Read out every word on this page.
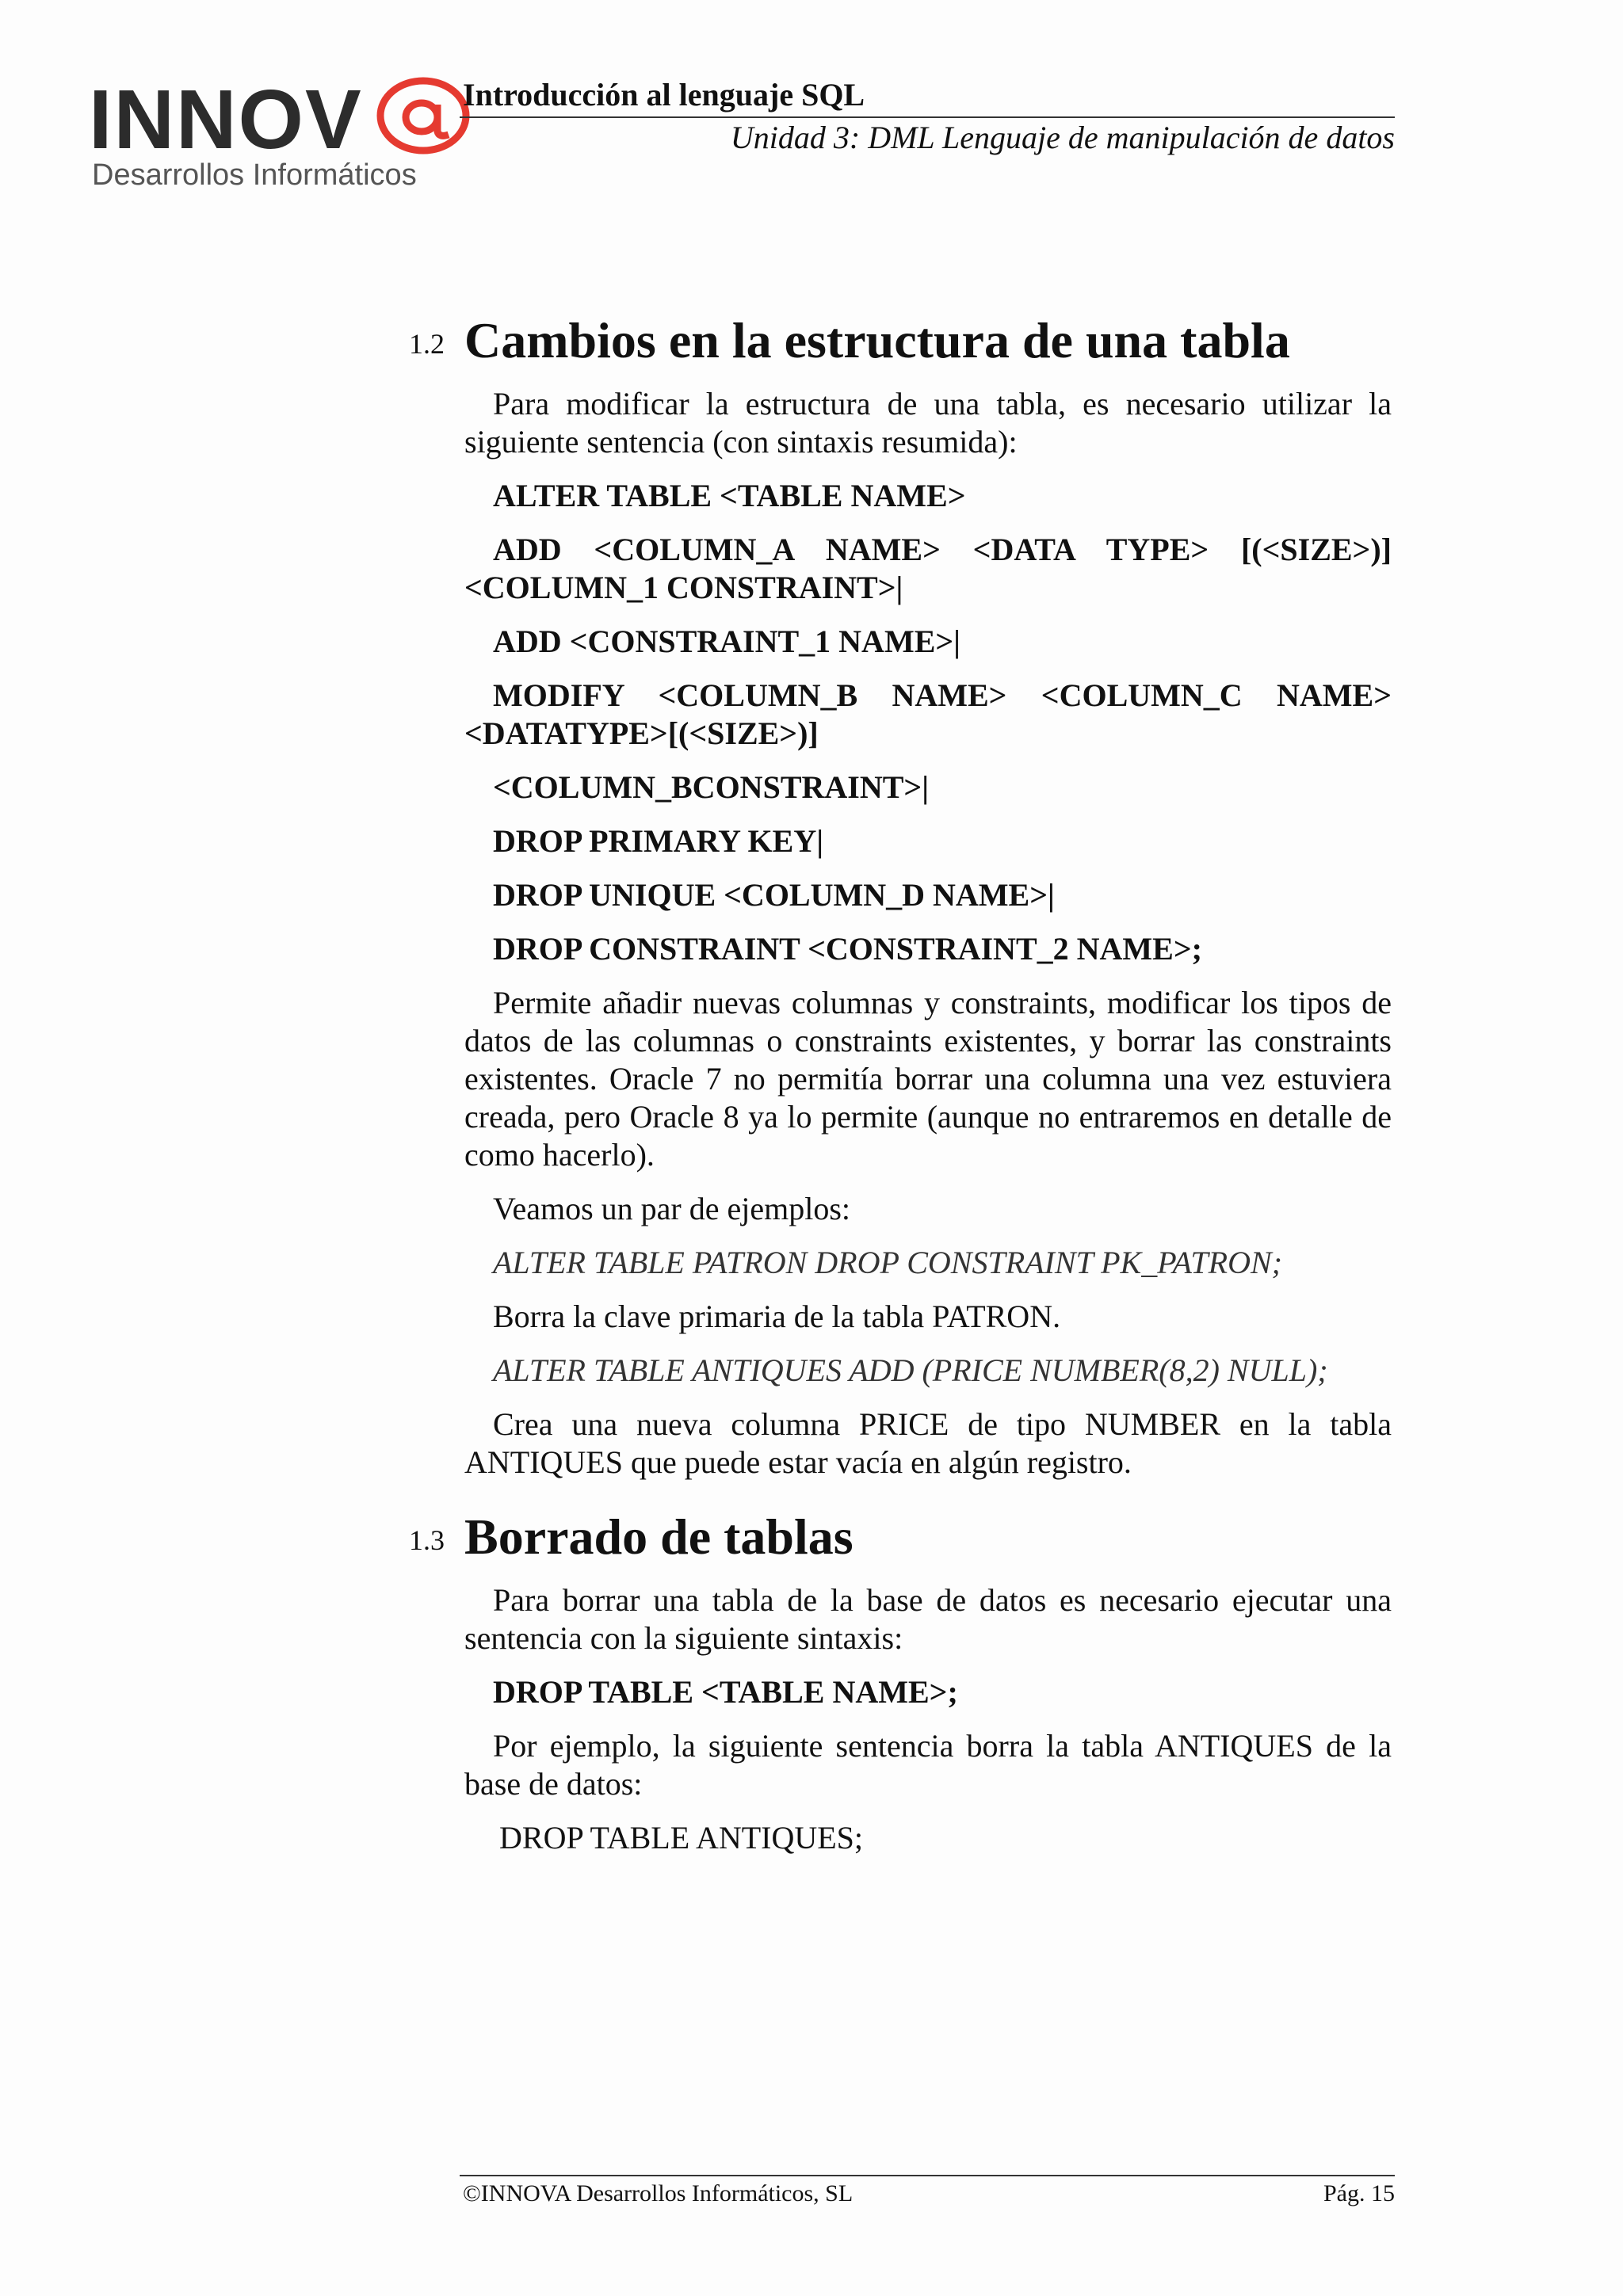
INNOV
Desarrollos Informáticos
Introducción al lenguaje SQL
Unidad 3: DML Lenguaje de manipulación de datos
1.2 Cambios en la estructura de una tabla

Para modificar la estructura de una tabla, es necesario utilizar la siguiente sentencia (con sintaxis resumida):

ALTER TABLE <TABLE NAME>

ADD <COLUMN_A NAME> <DATA TYPE> [(<SIZE>)] <COLUMN_1 CONSTRAINT>|

ADD <CONSTRAINT_1 NAME>|

MODIFY <COLUMN_B NAME> <COLUMN_C NAME> <DATATYPE>[(<SIZE>)]

<COLUMN_BCONSTRAINT>|

DROP PRIMARY KEY|

DROP UNIQUE <COLUMN_D NAME>|

DROP CONSTRAINT <CONSTRAINT_2 NAME>;

Permite añadir nuevas columnas y constraints, modificar los tipos de datos de las columnas o constraints existentes, y borrar las constraints existentes. Oracle 7 no permitía borrar una columna una vez estuviera creada, pero Oracle 8 ya lo permite (aunque no entraremos en detalle de como hacerlo).

Veamos un par de ejemplos:

ALTER TABLE PATRON DROP CONSTRAINT PK_PATRON;

Borra la clave primaria de la tabla PATRON.

ALTER TABLE ANTIQUES ADD (PRICE NUMBER(8,2) NULL);

Crea una nueva columna PRICE de tipo NUMBER en la tabla ANTIQUES que puede estar vacía en algún registro.

1.3 Borrado de tablas

Para borrar una tabla de la base de datos es necesario ejecutar una sentencia con la siguiente sintaxis:

DROP TABLE <TABLE NAME>;

Por ejemplo, la siguiente sentencia borra la tabla ANTIQUES de la base de datos:

DROP TABLE ANTIQUES;

©INNOVA Desarrollos Informáticos, SL	Pág. 15
